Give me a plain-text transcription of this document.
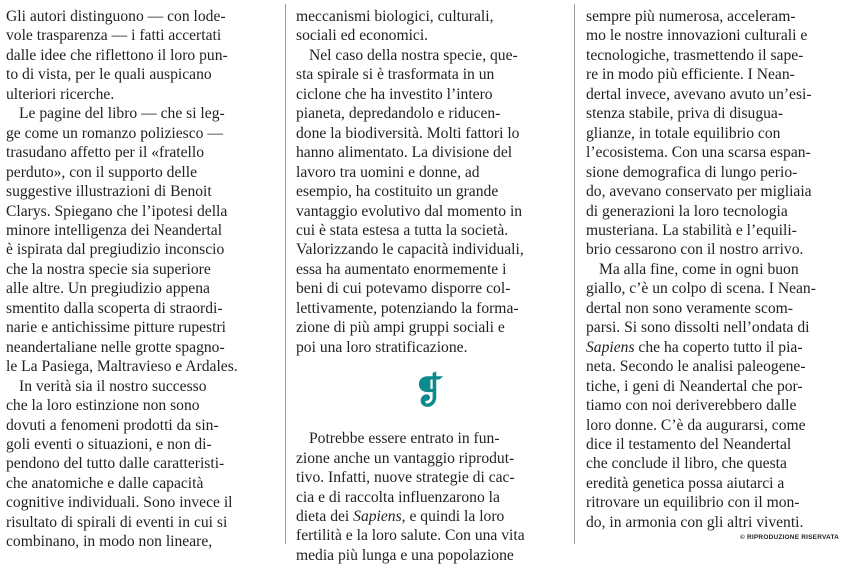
Gli autori distinguono — con lode-
vole trasparenza — i fatti accertati
dalle idee che riflettono il loro pun-
to di vista, per le quali auspicano
ulteriori ricerche.
Le pagine del libro — che si leg-
ge come un romanzo poliziesco —
trasudano affetto per il «fratello
perduto», con il supporto delle
suggestive illustrazioni di Benoit
Clarys. Spiegano che l’ipotesi della
minore intelligenza dei Neandertal
è ispirata dal pregiudizio inconscio
che la nostra specie sia superiore
alle altre. Un pregiudizio appena
smentito dalla scoperta di straordi-
narie e antichissime pitture rupestri
neandertaliane nelle grotte spagno-
le La Pasiega, Maltravieso e Ardales.
In verità sia il nostro successo
che la loro estinzione non sono
dovuti a fenomeni prodotti da sin-
goli eventi o situazioni, e non di-
pendono del tutto dalle caratteristi-
che anatomiche e dalle capacità
cognitive individuali. Sono invece il
risultato di spirali di eventi in cui si
combinano, in modo non lineare,
meccanismi biologici, culturali,
sociali ed economici.
Nel caso della nostra specie, que-
sta spirale si è trasformata in un
ciclone che ha investito l’intero
pianeta, depredandolo e riducen-
done la biodiversità. Molti fattori lo
hanno alimentato. La divisione del
lavoro tra uomini e donne, ad
esempio, ha costituito un grande
vantaggio evolutivo dal momento in
cui è stata estesa a tutta la società.
Valorizzando le capacità individuali,
essa ha aumentato enormemente i
beni di cui potevamo disporre col-
lettivamente, potenziando la forma-
zione di più ampi gruppi sociali e
poi una loro stratificazione.
❡
Potrebbe essere entrato in fun-
zione anche un vantaggio riprodut-
tivo. Infatti, nuove strategie di cac-
cia e di raccolta influenzarono la
dieta dei Sapiens, e quindi la loro
fertilità e la loro salute. Con una vita
media più lunga e una popolazione
sempre più numerosa, acceleram-
mo le nostre innovazioni culturali e
tecnologiche, trasmettendo il sape-
re in modo più efficiente. I Nean-
dertal invece, avevano avuto un’esi-
stenza stabile, priva di disugua-
glianze, in totale equilibrio con
l’ecosistema. Con una scarsa espan-
sione demografica di lungo perio-
do, avevano conservato per migliaia
di generazioni la loro tecnologia
musteriana. La stabilità e l’equili-
brio cessarono con il nostro arrivo.
Ma alla fine, come in ogni buon
giallo, c’è un colpo di scena. I Nean-
dertal non sono veramente scom-
parsi. Si sono dissolti nell’ondata di
Sapiens che ha coperto tutto il pia-
neta. Secondo le analisi paleogene-
tiche, i geni di Neandertal che por-
tiamo con noi deriverebbero dalle
loro donne. C’è da augurarsi, come
dice il testamento del Neandertal
che conclude il libro, che questa
eredità genetica possa aiutarci a
ritrovare un equilibrio con il mon-
do, in armonia con gli altri viventi.
© RIPRODUZIONE RISERVATA
